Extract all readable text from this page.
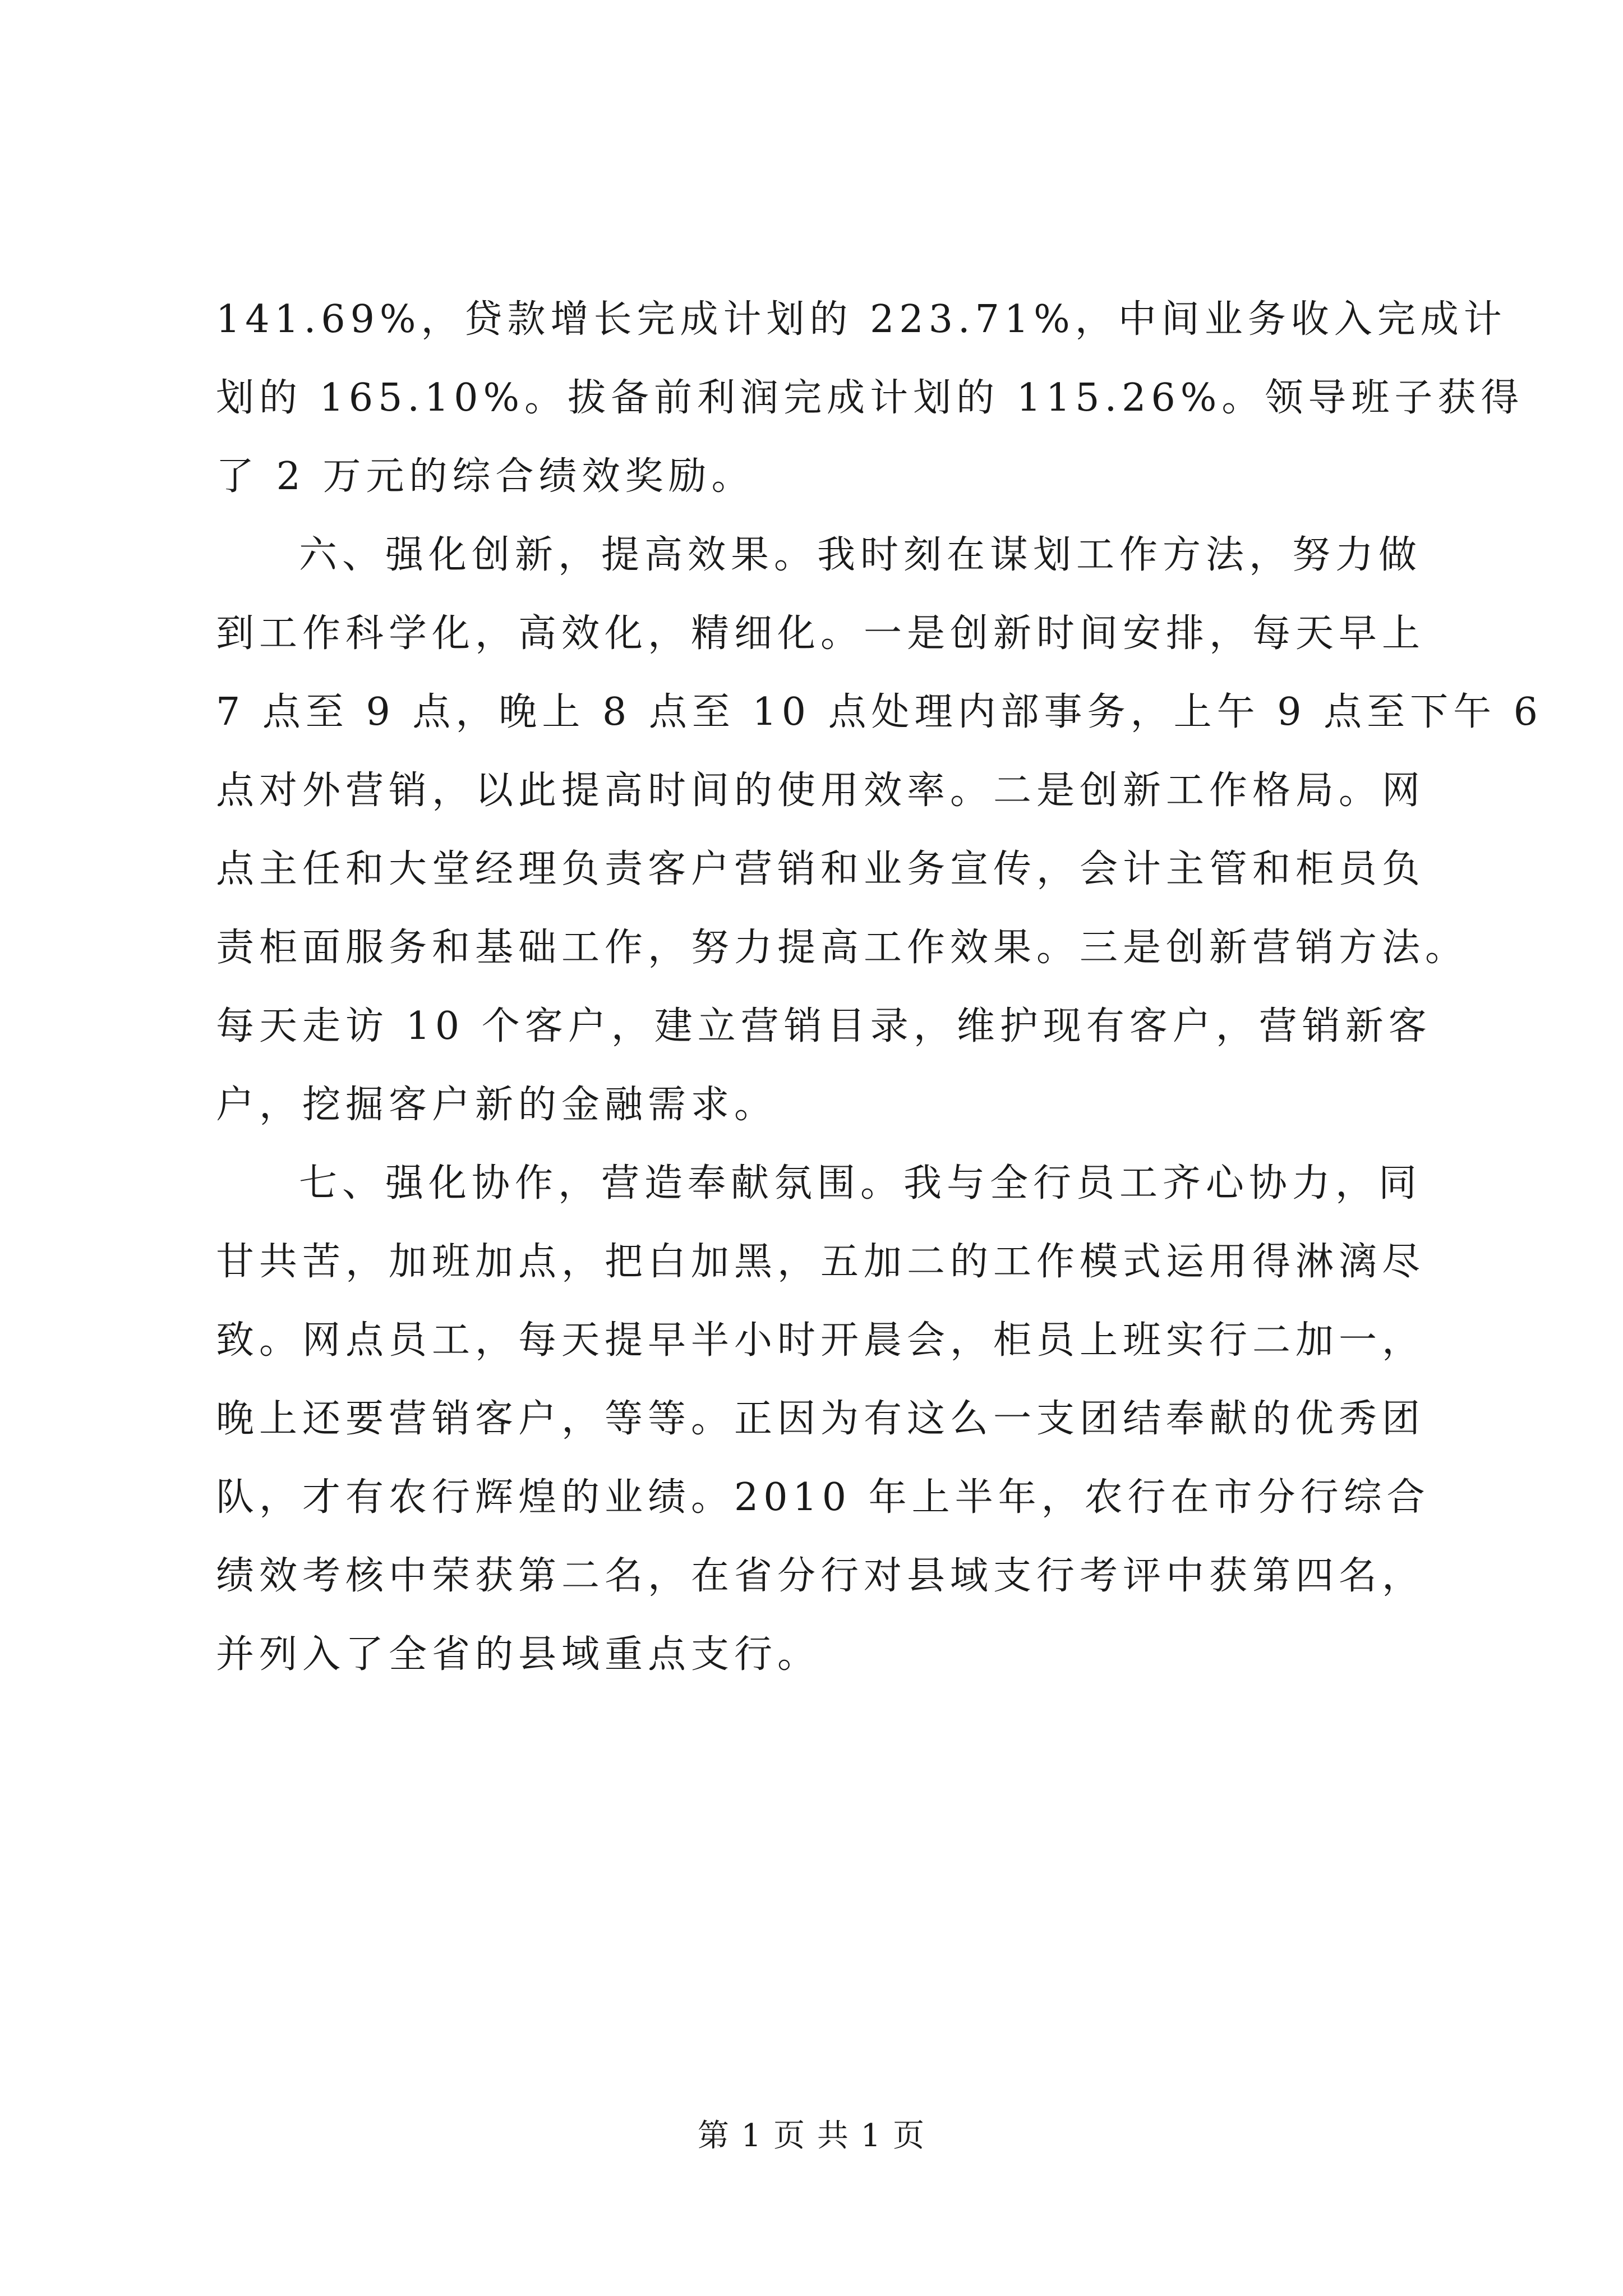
141.69%，贷款增长完成计划的 223.71%，中间业务收入完成计
划的 165.10%。拔备前利润完成计划的 115.26%。领导班子获得
了 2 万元的综合绩效奖励。
六、强化创新，提高效果。我时刻在谋划工作方法，努力做
到工作科学化，高效化，精细化。一是创新时间安排，每天早上
7 点至 9 点，晚上 8 点至 10 点处理内部事务，上午 9 点至下午 6
点对外营销，以此提高时间的使用效率。二是创新工作格局。网
点主任和大堂经理负责客户营销和业务宣传，会计主管和柜员负
责柜面服务和基础工作，努力提高工作效果。三是创新营销方法。
每天走访 10 个客户，建立营销目录，维护现有客户，营销新客
户，挖掘客户新的金融需求。
七、强化协作，营造奉献氛围。我与全行员工齐心协力，同
甘共苦，加班加点，把白加黑，五加二的工作模式运用得淋漓尽
致。网点员工，每天提早半小时开晨会，柜员上班实行二加一，
晚上还要营销客户，等等。正因为有这么一支团结奉献的优秀团
队，才有农行辉煌的业绩。2010 年上半年，农行在市分行综合
绩效考核中荣获第二名，在省分行对县域支行考评中获第四名，
并列入了全省的县域重点支行。
第 1 页 共 1 页
